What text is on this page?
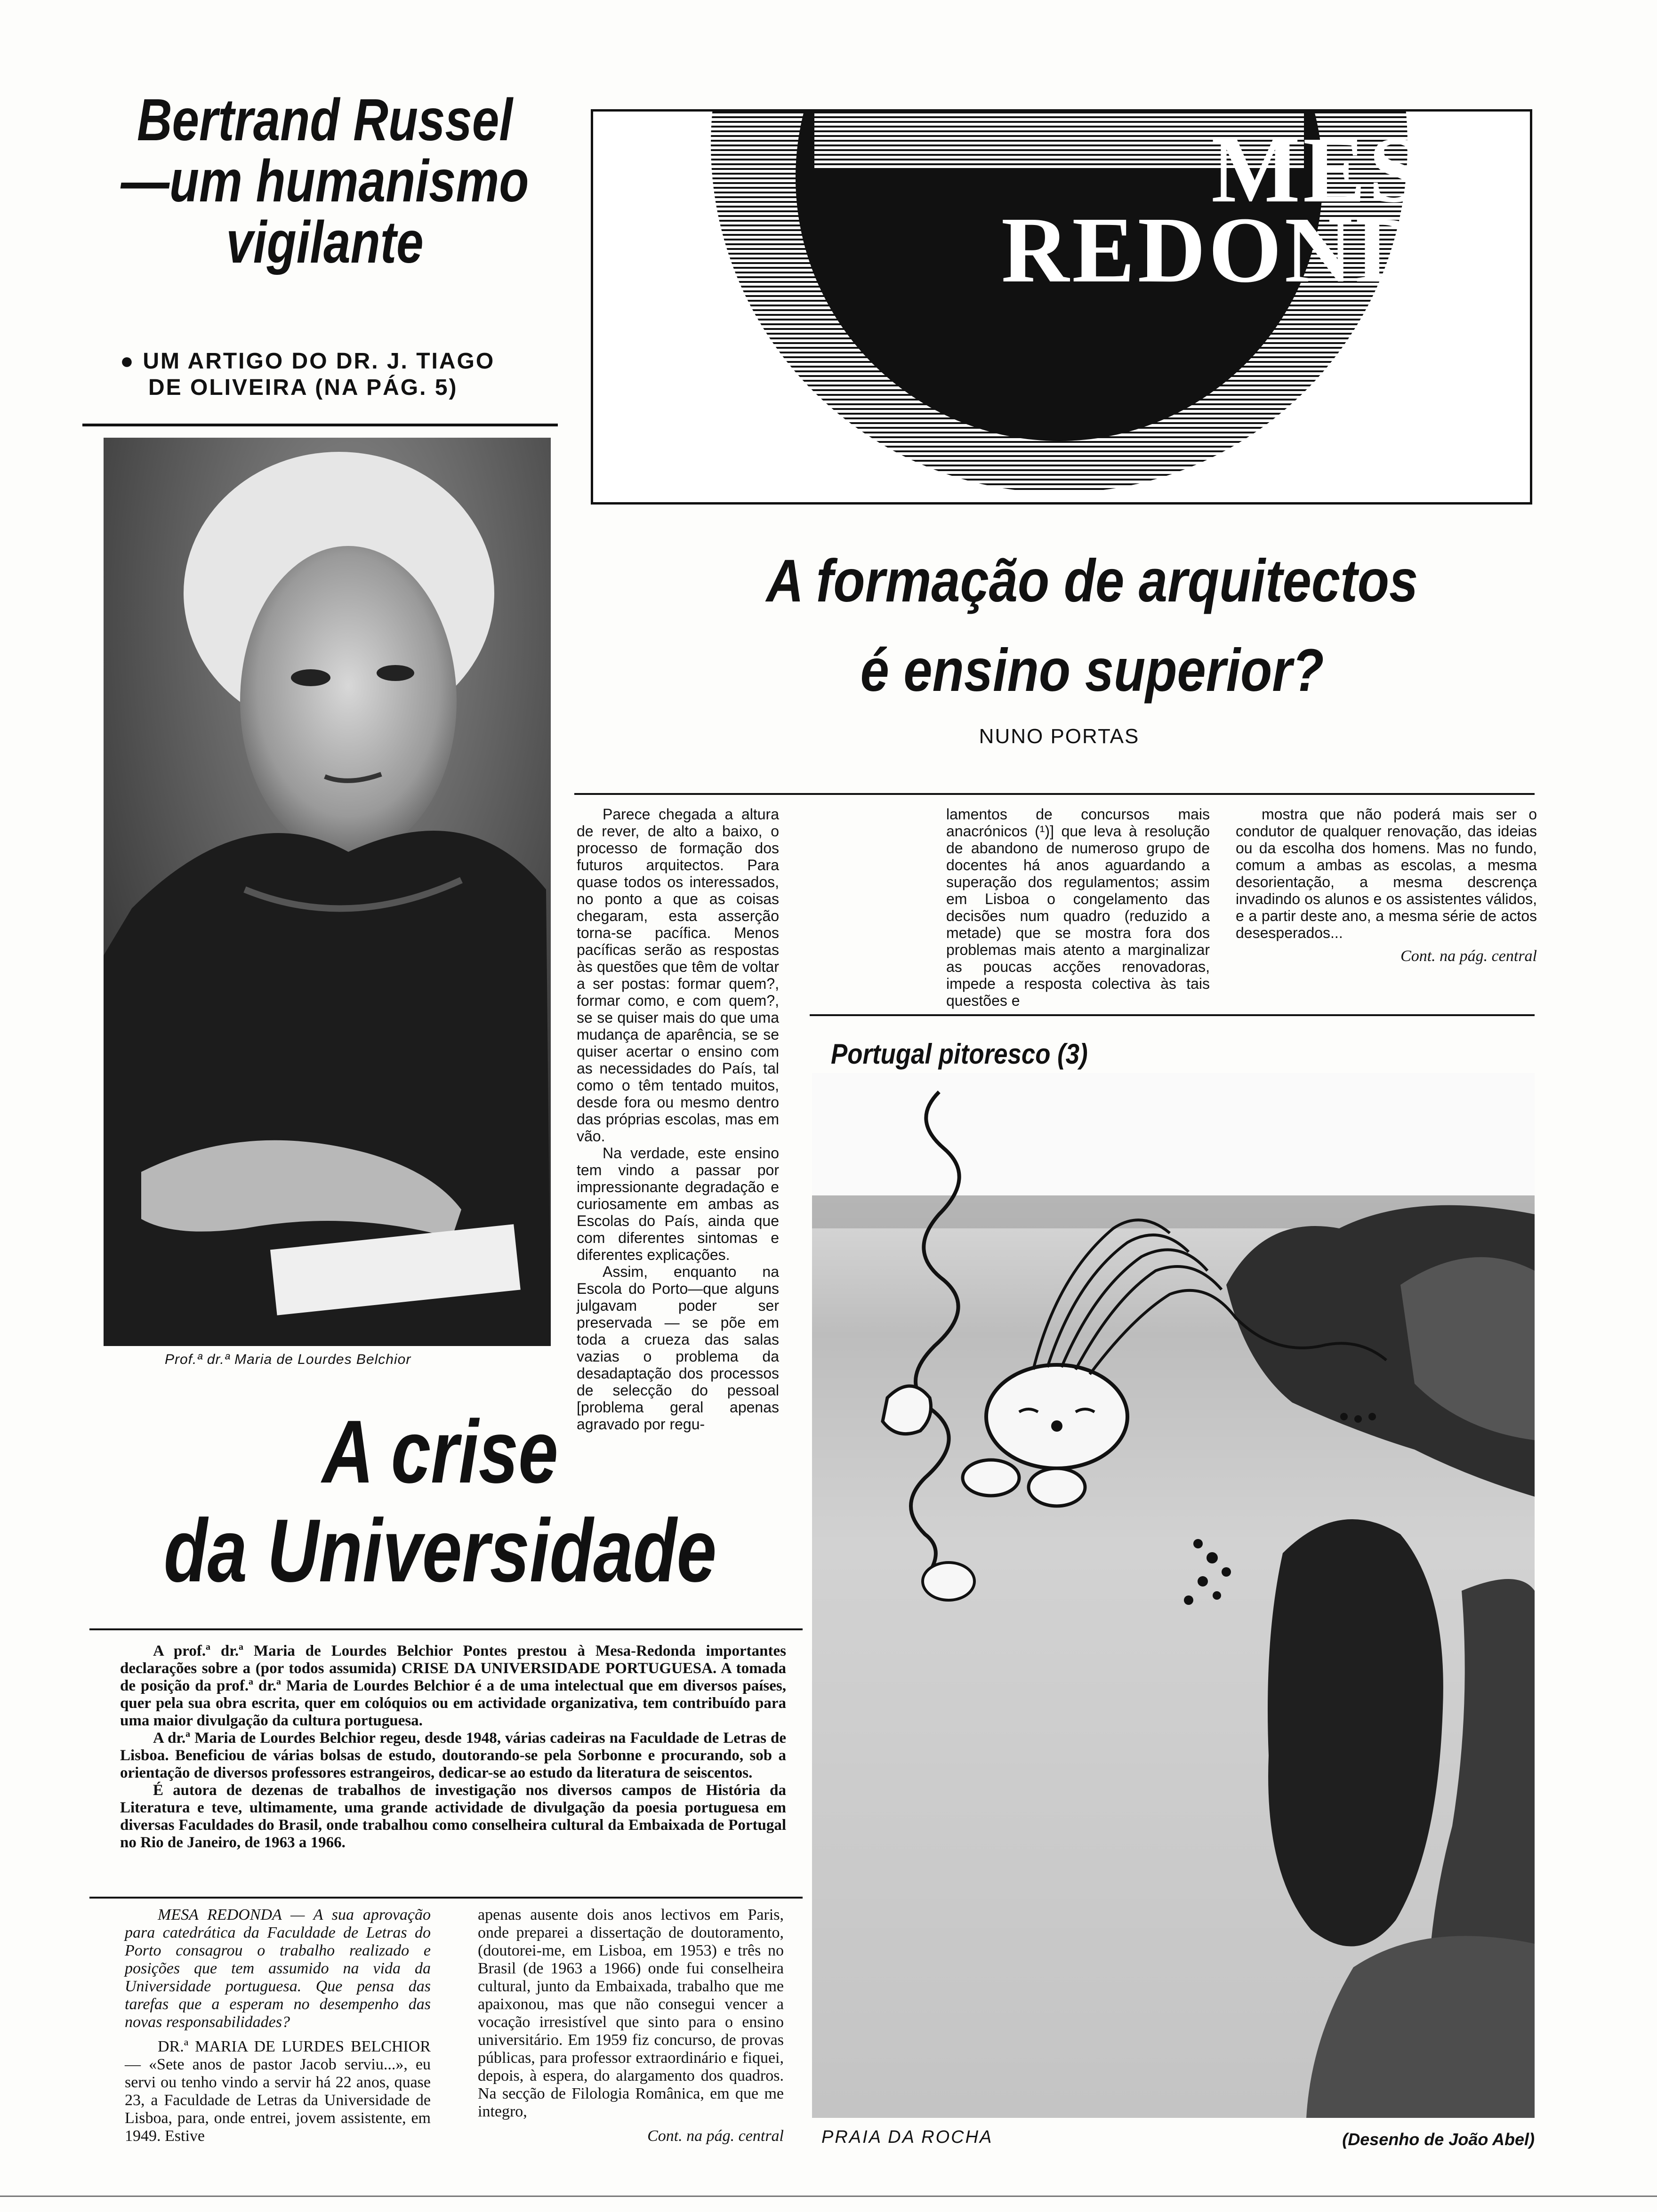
Bertrand Russel
—um humanismo
vigilante
● UM ARTIGO DO DR. J. TIAGO
DE OLIVEIRA (NA PÁG. 5)
MESA
REDONDA
A formação de arquitectos
é ensino superior?
NUNO PORTAS

Parece chegada a altura de rever, de alto a baixo, o processo de formação dos futuros arquitectos. Para quase todos os interessados, no ponto a que as coisas chegaram, esta asserção torna-se pacífica. Menos pacíficas serão as respostas às questões que têm de voltar a ser postas: formar quem?, formar como, e com quem?, se se quiser mais do que uma mudança de aparência, se se quiser acertar o ensino com as necessidades do País, tal como o têm tentado muitos, desde fora ou mesmo dentro das próprias escolas, mas em vão.

Na verdade, este ensino tem vindo a passar por impressionante degradação e curiosamente em ambas as Escolas do País, ainda que com diferentes sintomas e diferentes explicações.

Assim, enquanto na Escola do Porto—que alguns julgavam poder ser preservada — se põe em toda a crueza das salas vazias o problema da desadaptação dos processos de selecção do pessoal [problema geral apenas agravado por regu-

lamentos de concursos mais anacrónicos (¹)] que leva à resolução de abandono de numeroso grupo de docentes há anos aguardando a superação dos regulamentos; assim em Lisboa o congelamento das decisões num quadro (reduzido a metade) que se mostra fora dos problemas mais atento a marginalizar as poucas acções renovadoras, impede a resposta colectiva às tais questões e

mostra que não poderá mais ser o condutor de qualquer renovação, das ideias ou da escolha dos homens. Mas no fundo, comum a ambas as escolas, a mesma desorientação, a mesma descrença invadindo os alunos e os assistentes válidos, e a partir deste ano, a mesma série de actos desesperados...

Cont. na pág. central
Prof.ª dr.ª Maria de Lourdes Belchior
A crise
da Universidade

A prof.ª dr.ª Maria de Lourdes Belchior Pontes prestou à Mesa-Redonda importantes declarações sobre a (por todos assumida) CRISE DA UNIVERSIDADE PORTUGUESA. A tomada de posição da prof.ª dr.ª Maria de Lourdes Belchior é a de uma intelectual que em diversos países, quer pela sua obra escrita, quer em colóquios ou em actividade organizativa, tem contribuído para uma maior divulgação da cultura portuguesa.

A dr.ª Maria de Lourdes Belchior regeu, desde 1948, várias cadeiras na Faculdade de Letras de Lisboa. Beneficiou de várias bolsas de estudo, doutorando-se pela Sorbonne e procurando, sob a orientação de diversos professores estrangeiros, dedicar-se ao estudo da literatura de seiscentos.

É autora de dezenas de trabalhos de investigação nos diversos campos de História da Literatura e teve, ultimamente, uma grande actividade de divulgação da poesia portuguesa em diversas Faculdades do Brasil, onde trabalhou como conselheira cultural da Embaixada de Portugal no Rio de Janeiro, de 1963 a 1966.

MESA REDONDA — A sua aprovação para catedrática da Faculdade de Letras do Porto consagrou o trabalho realizado e posições que tem assumido na vida da Universidade portuguesa. Que pensa das tarefas que a esperam no desempenho das novas responsabilidades?

DR.ª MARIA DE LURDES BELCHIOR — «Sete anos de pastor Jacob serviu...», eu servi ou tenho vindo a servir há 22 anos, quase 23, a Faculdade de Letras da Universidade de Lisboa, para, onde entrei, jovem assistente, em 1949. Estive

apenas ausente dois anos lectivos em Paris, onde preparei a dissertação de doutoramento, (doutorei-me, em Lisboa, em 1953) e três no Brasil (de 1963 a 1966) onde fui conselheira cultural, junto da Embaixada, trabalho que me apaixonou, mas que não consegui vencer a vocação irresistível que sinto para o ensino universitário. Em 1959 fiz concurso, de provas públicas, para professor extraordinário e fiquei, depois, à espera, do alargamento dos quadros. Na secção de Filologia Românica, em que me integro,

Cont. na pág. central
Portugal pitoresco (3)
PRAIA DA ROCHA	(Desenho de João Abel)
